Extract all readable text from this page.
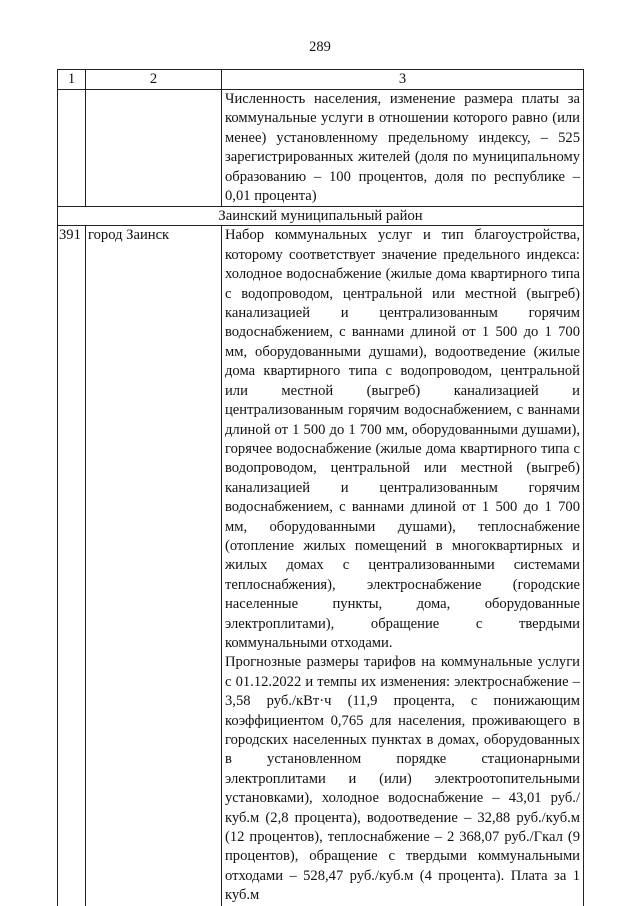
289
1	2	3

		Численность населения, изменение размера платы за коммунальные услуги в отношении которого равно (или менее) установленному предельному индексу, – 525 зарегистрированных жителей (доля по муниципальному образованию – 100 процентов, доля по республике – 0,01 процента)

Заинский муниципальный район		
391	город Заинск	Набор коммунальных услуг и тип благоустройства, которому соответствует значение предельного индекса: холодное водоснабжение (жилые дома квартирного типа с водопроводом, центральной или местной (выгреб) канализацией и централизованным горячим водоснабжением, с ваннами длиной от 1 500 до 1 700 мм, оборудованными душами), водоотведение (жилые дома квартирного типа с водопроводом, центральной или местной (выгреб) канализацией и централизованным горячим водоснабжением, с ваннами длиной от 1 500 до 1 700 мм, оборудованными душами), горячее водоснабжение (жилые дома квартирного типа с водопроводом, центральной или местной (выгреб) канализацией и централизованным горячим водоснабжением, с ваннами длиной от 1 500 до 1 700 мм, оборудованными душами), теплоснабжение (отопление жилых помещений в многоквартирных и жилых домах с централизованными системами теплоснабжения), электроснабжение (городские населенные пункты, дома, оборудованные электроплитами), обращение с твердыми коммунальными отходами.

Прогнозные размеры тарифов на коммунальные услуги с 01.12.2022 и темпы их изменения: электроснабжение – 3,58 руб./кВт·ч (11,9 процента, с понижающим коэффициентом 0,765 для населения, проживающего в городских населенных пунктах в домах, оборудованных в установленном порядке стационарными электроплитами и (или) электроотопительными установками), холодное водоснабжение – 43,01 руб./куб.м (2,8 процента), водоотведение – 32,88 руб./куб.м (12 процентов), теплоснабжение – 2 368,07 руб./Гкал (9 процентов), обращение с твердыми коммунальными отходами – 528,47 руб./куб.м (4 процента). Плата за 1 куб.м
